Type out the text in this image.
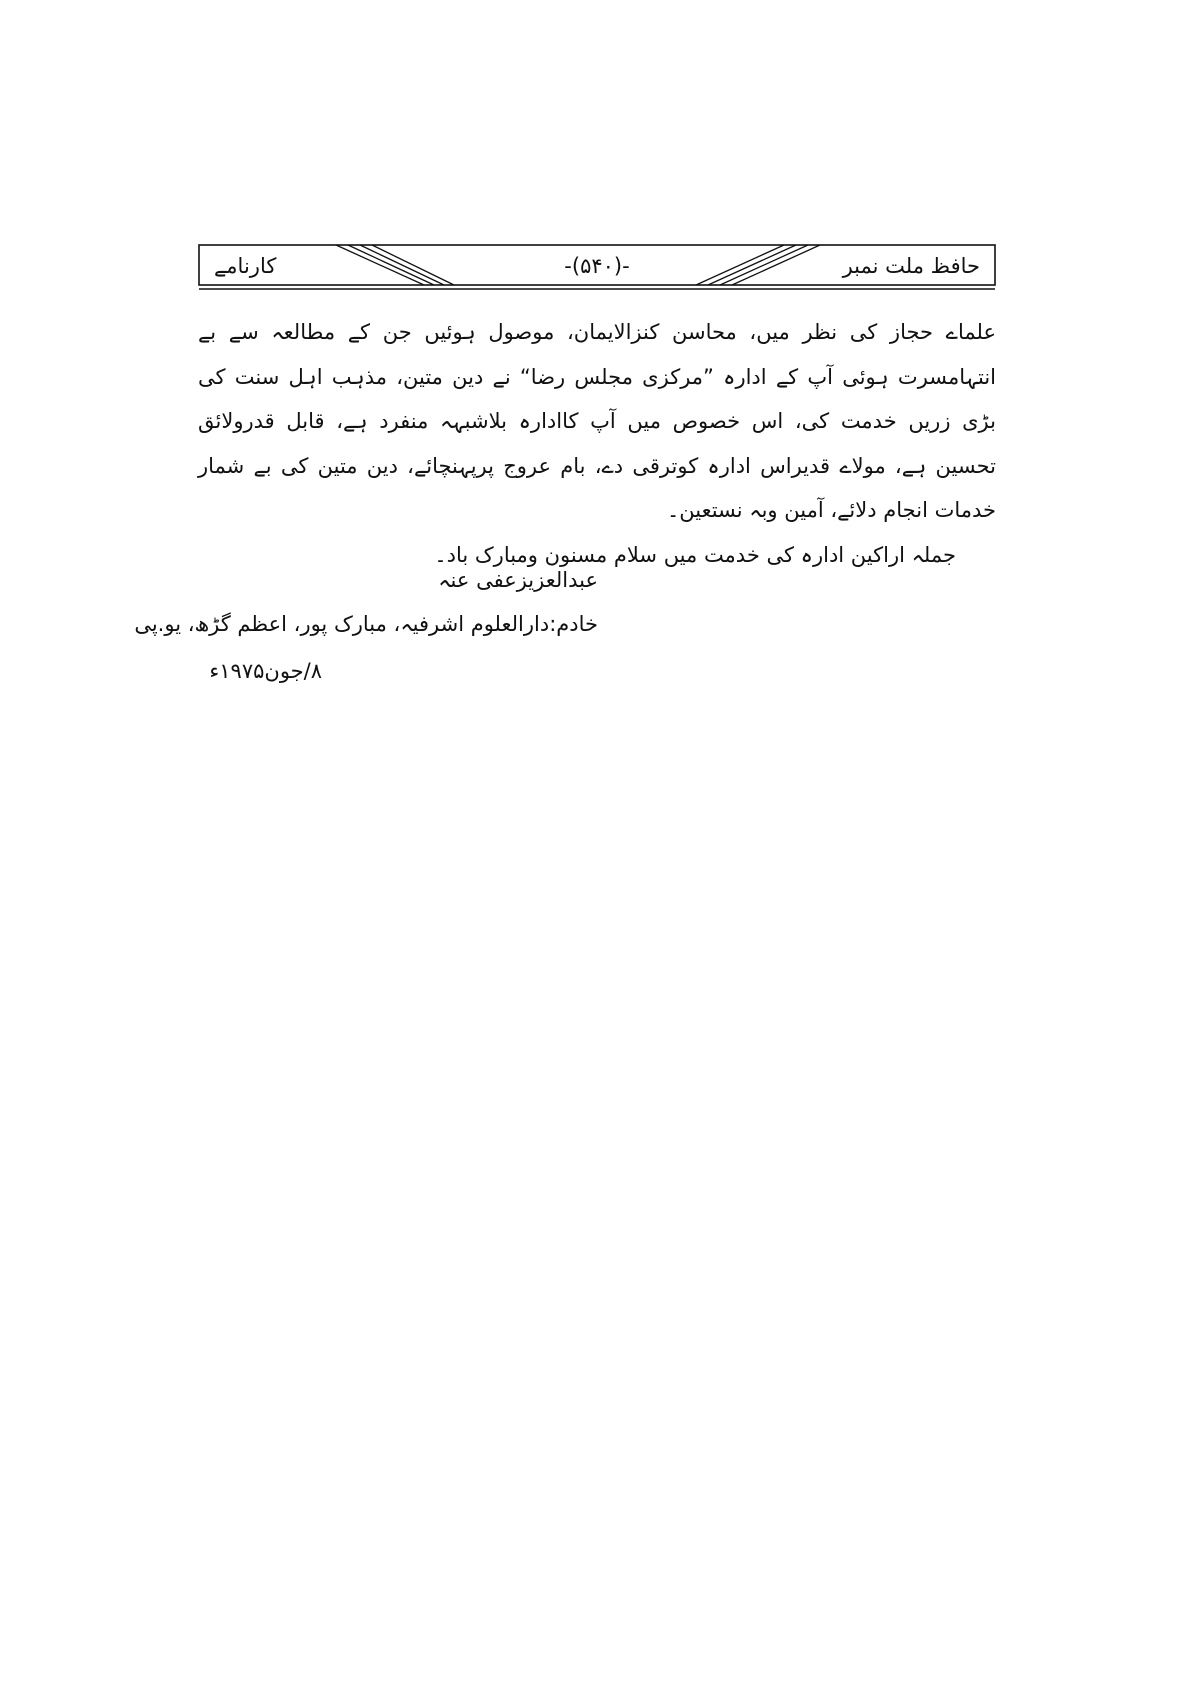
کارنامے	-(۵۴۰)-	حافظ ملت نمبر

علماے حجاز کی نظر میں، محاسن کنزالایمان، موصول ہوئیں جن کے مطالعہ سے بے انتہامسرت ہوئی آپ کے ادارہ ”مرکزی مجلس رضا“ نے دین متین، مذہب اہل سنت کی بڑی زریں خدمت کی، اس خصوص میں آپ کاادارہ بلاشبہہ منفرد ہے، قابل قدرولائق تحسین ہے، مولاے قدیراس ادارہ کوترقی دے، بام عروج پرپہنچائے، دین متین کی بے شمار خدمات انجام دلائے، آمین وبہ نستعین۔

جملہ اراکین ادارہ کی خدمت میں سلام مسنون ومبارک باد۔

عبدالعزیزعفی عنہ
خادم:دارالعلوم اشرفیہ، مبارک پور، اعظم گڑھ، یو.پی
۸/جون۱۹۷۵ء
